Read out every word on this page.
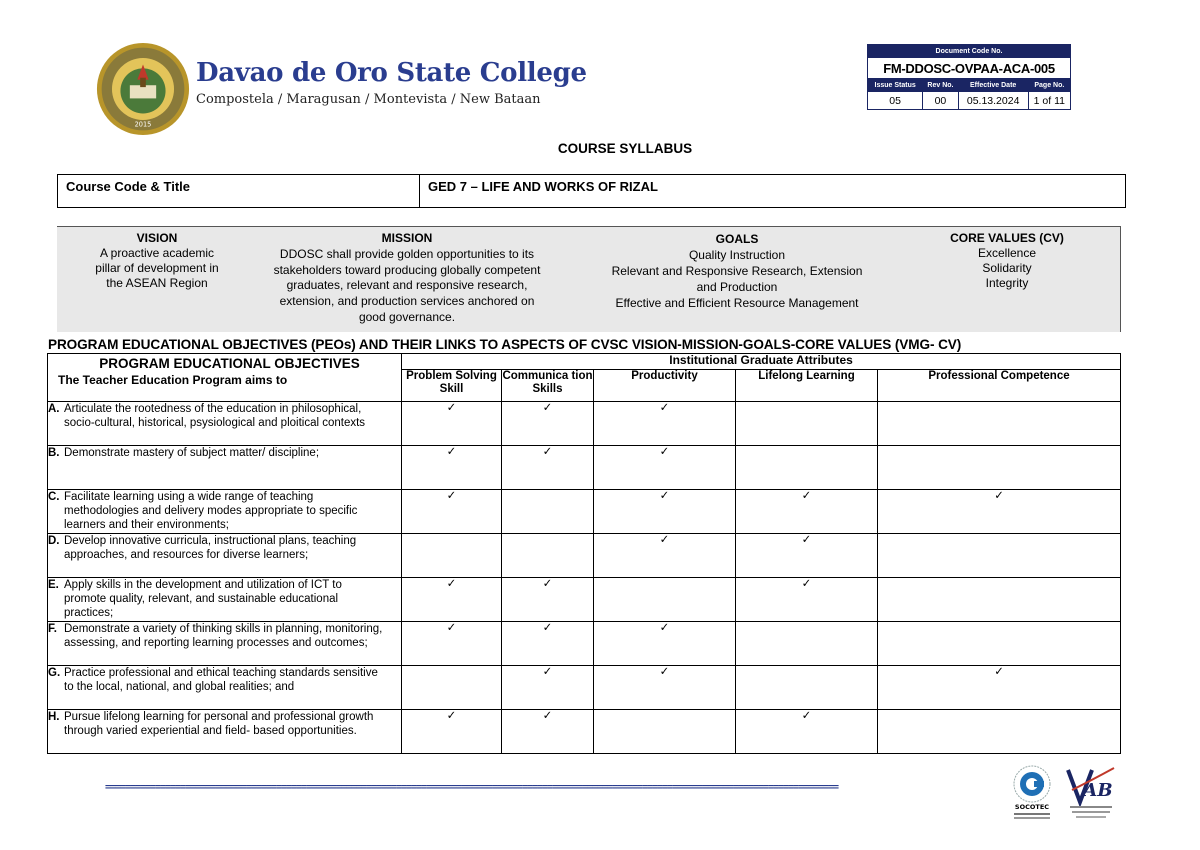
2015
Davao de Oro State College
Compostela / Maragusan / Montevista / New Bataan
Document Code No.			
FM-DDOSC-OVPAA-ACA-005			
Issue Status	Rev No.	Effective Date	Page No.
05	00	05.13.2024	1 of 11
COURSE SYLLABUS
Course Code & Title	GED 7 – LIFE AND WORKS OF RIZAL
VISION
A proactive academic
pillar of development in
the ASEAN Region
MISSION
DDOSC shall provide golden opportunities to its
stakeholders toward producing globally competent
graduates, relevant and responsive research,
extension, and production services anchored on
good governance.
GOALS
Quality Instruction
Relevant and Responsive Research, Extension
and Production
Effective and Efficient Resource Management
CORE VALUES (CV)
Excellence
Solidarity
Integrity
PROGRAM EDUCATIONAL OBJECTIVES (PEOs) AND THEIR LINKS TO ASPECTS OF CVSC VISION-MISSION-GOALS-CORE VALUES (VMG- CV)
PROGRAM EDUCATIONAL OBJECTIVES
The Teacher Education Program aims to	Institutional Graduate Attributes				
	Problem Solving Skill	Communica tion Skills	Productivity	Lifelong Learning	Professional Competence
A. Articulate the rootedness of the education in philosophical, socio-cultural, historical, psysiological and ploitical contexts	✓	✓	✓		
B. Demonstrate mastery of subject matter/ discipline;	✓	✓	✓		
C. Facilitate learning using a wide range of teaching methodologies and delivery modes appropriate to specific learners and their environments;	✓		✓	✓	✓
D. Develop innovative curricula, instructional plans, teaching approaches, and resources for diverse learners;			✓	✓	
E. Apply skills in the development and utilization of ICT to promote quality, relevant, and sustainable educational practices;	✓	✓		✓	
F. Demonstrate a variety of thinking skills in planning, monitoring, assessing, and reporting learning processes and outcomes;	✓	✓	✓		
G. Practice professional and ethical teaching standards sensitive to the local, national, and global realities; and		✓	✓		✓
H. Pursue lifelong learning for personal and professional growth through varied experiential and field- based opportunities.	✓	✓		✓	
==================================================================================================================================================
SOCOTEC
AB
